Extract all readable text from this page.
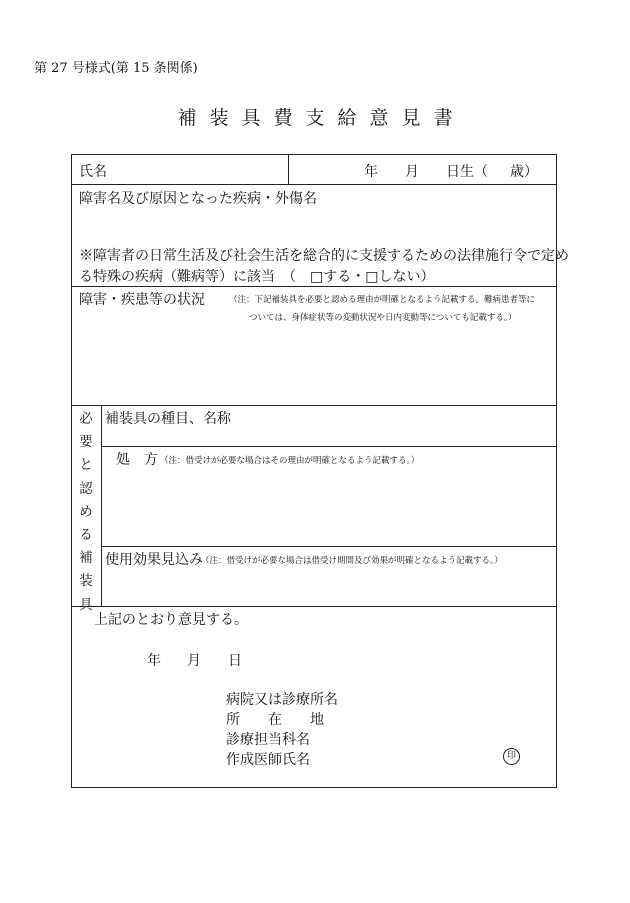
第 27 号様式(第 15 条関係)
補装具費支給意見書
氏名	年 月 日生（ 歳）
障害名及び原因となった疾病・外傷名
※障害者の日常生活及び社会生活を総合的に支援するための法律施行令で定め
る特殊の疾病（難病等）に該当　（　□する・□しない）
障害・疾患等の状況	（注：下記補装具を必要と認める理由が明確となるよう記載する。難病患者等に
ついては、身体症状等の変動状況や日内変動等についても記載する。）
必要と認める補装具
補装具の種目、名称
処　方 （注：借受けが必要な場合はその理由が明確となるよう記載する。）
使用効果見込み
（注：借受けが必要な場合は借受け期間及び効果が明確となるよう記載する。）
上記のとおり意見する。
年 月 日
病院又は診療所名
所　　在　　地
診療担当科名
作成医師氏名	印
